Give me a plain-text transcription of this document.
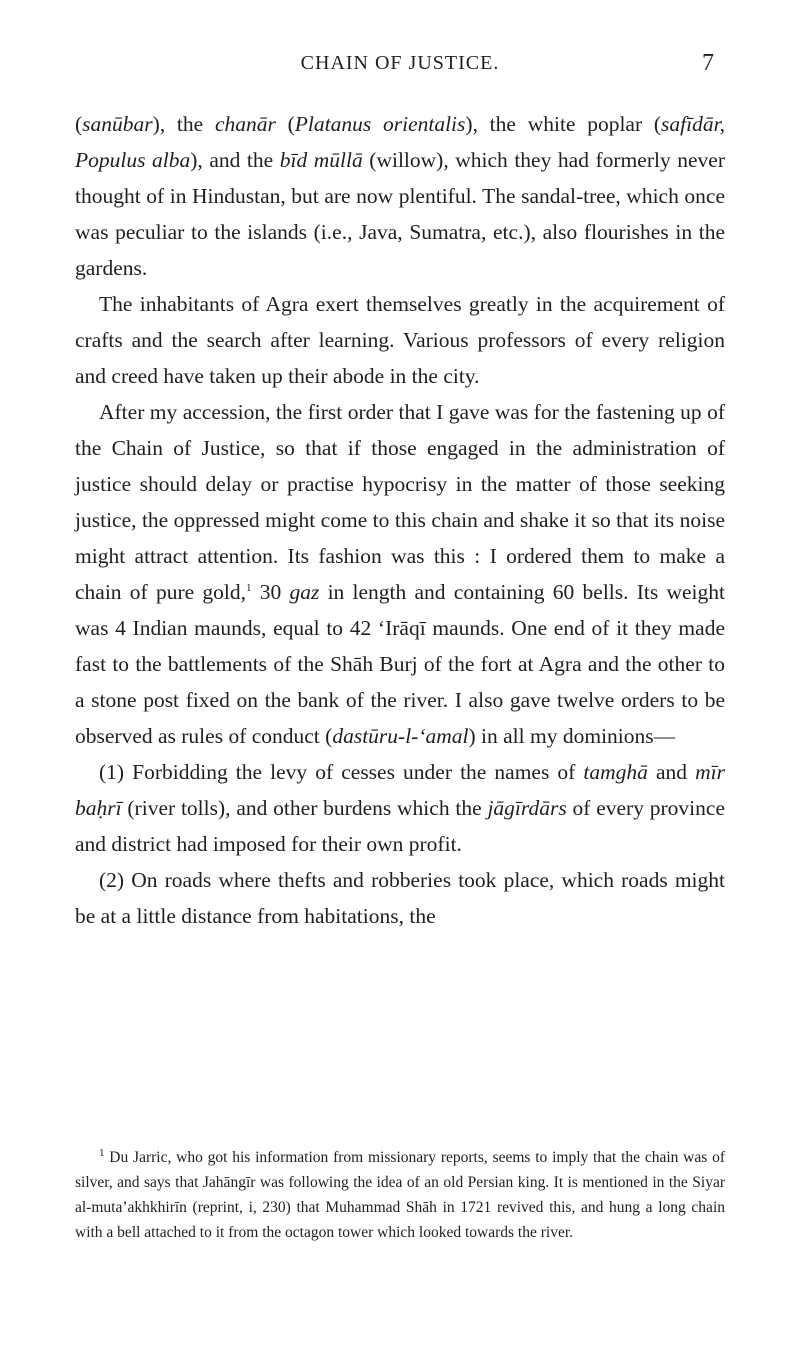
CHAIN OF JUSTICE.	7

(sanūbar), the chanār (Platanus orientalis), the white poplar (safīdār, Populus alba), and the bīd mūllā (willow), which they had formerly never thought of in Hindustan, but are now plentiful. The sandal-tree, which once was peculiar to the islands (i.e., Java, Sumatra, etc.), also flourishes in the gardens.

The inhabitants of Agra exert themselves greatly in the acquirement of crafts and the search after learning. Various professors of every religion and creed have taken up their abode in the city.

After my accession, the first order that I gave was for the fastening up of the Chain of Justice, so that if those engaged in the administration of justice should delay or practise hypocrisy in the matter of those seeking justice, the oppressed might come to this chain and shake it so that its noise might attract attention. Its fashion was this : I ordered them to make a chain of pure gold,$^1$ 30 gaz in length and containing 60 bells. Its weight was 4 Indian maunds, equal to 42 ‘Irāqī maunds. One end of it they made fast to the battlements of the Shāh Burj of the fort at Agra and the other to a stone post fixed on the bank of the river. I also gave twelve orders to be observed as rules of conduct (dastūru-l-‘amal) in all my dominions—

(1) Forbidding the levy of cesses under the names of tamghā and mīr baḥrī (river tolls), and other burdens which the jāgīrdārs of every province and district had imposed for their own profit.

(2) On roads where thefts and robberies took place, which roads might be at a little distance from habitations, the

$^1$ Du Jarric, who got his information from missionary reports, seems to imply that the chain was of silver, and says that Jahāngīr was following the idea of an old Persian king. It is mentioned in the Siyar al-muta’akhkhirīn (reprint, i, 230) that Muhammad Shāh in 1721 revived this, and hung a long chain with a bell attached to it from the octagon tower which looked towards the river.
